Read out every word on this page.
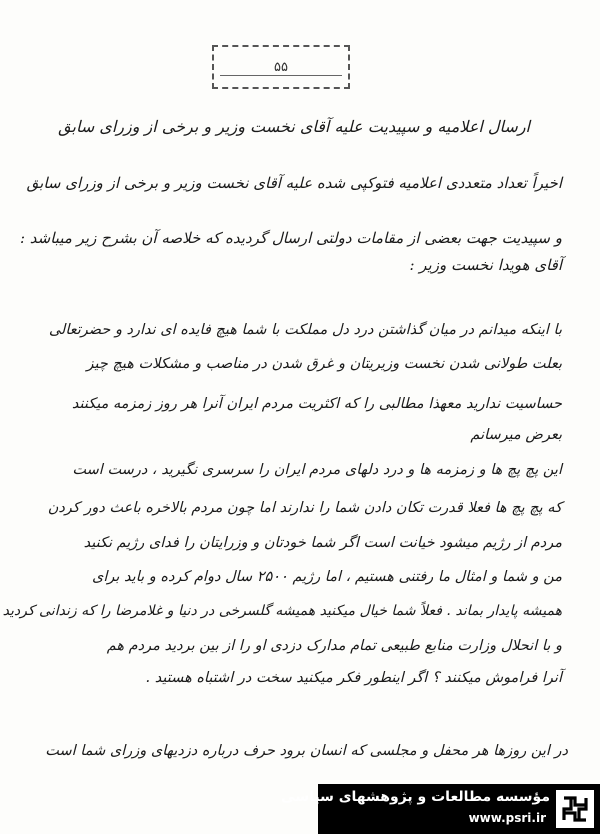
۵۵
ارسال اعلامیه و سپیدیت علیه آقای نخست وزیر و برخی از وزرای سابق
اخیراً تعداد متعددی اعلامیه فتوکپی شده علیه آقای نخست وزیر و برخی از وزرای سابق
و سپیدیت جهت بعضی از مقامات دولتی ارسال گردیده که خلاصه آن بشرح زیر میباشد :
آقای هویدا نخست وزیر :
با اینکه میدانم در میان گذاشتن درد دل مملکت با شما هیچ فایده ای ندارد و حضرتعالی
بعلت طولانی شدن نخست وزیریتان و غرق شدن در مناصب و مشکلات هیچ چیز
حساسیت ندارید معهذا مطالبی را که اکثریت مردم ایران آنرا هر روز زمزمه میکنند
بعرض میرسانم
این پچ پچ ها و زمزمه ها و درد دلهای مردم ایران را سرسری نگیرید ، درست است
که پچ پچ ها فعلا قدرت تکان دادن شما را ندارند اما چون مردم بالاخره باعث دور کردن
مردم از رژیم میشود خیانت است اگر شما خودتان و وزرایتان را فدای رژیم نکنید
من و شما و امثال ما رفتنی هستیم ، اما رژیم ۲۵۰۰ سال دوام کرده و باید برای
همیشه پایدار بماند . فعلاً شما خیال میکنید همیشه گلسرخی در دنیا و غلامرضا را که زندانی کردید
و با انحلال وزارت منابع طبیعی تمام مدارک دزدی او را از بین بردید مردم هم
آنرا فراموش میکنند ؟ اگر اینطور فکر میکنید سخت در اشتباه هستید .
در این روزها هر محفل و مجلسی که انسان برود حرف درباره دزدیهای وزرای شما است
مؤسسه مطالعات و پژوهشهای سیاسی
www.psri.ir
